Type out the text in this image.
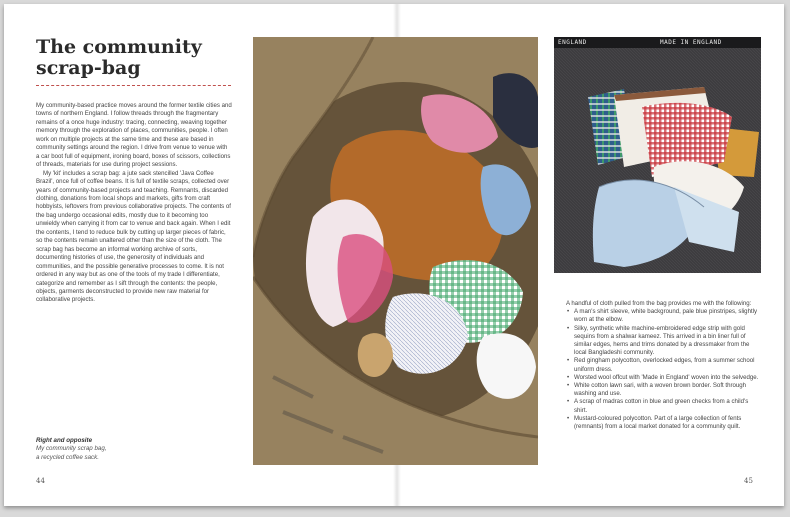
The community
scrap-bag

My community-based practice moves around the former textile cities and towns of northern England. I follow threads through the fragmentary remains of a once huge industry: tracing, connecting, weaving together memory through the exploration of places, communities, people. I often work on multiple projects at the same time and these are based in community settings around the region. I drive from venue to venue with a car boot full of equipment, ironing board, boxes of scissors, collections of threads, materials for use during project sessions.

My 'kit' includes a scrap bag: a jute sack stencilled 'Java Coffee Brazil', once full of coffee beans. It is full of textile scraps, collected over years of community-based projects and teaching. Remnants, discarded clothing, donations from local shops and markets, gifts from craft hobbyists, leftovers from previous collaborative projects. The contents of the bag undergo occasional edits, mostly due to it becoming too unwieldy when carrying it from car to venue and back again. When I edit the contents, I tend to reduce bulk by cutting up larger pieces of fabric, so the contents remain unaltered other than the size of the cloth. The scrap bag has become an informal working archive of sorts, documenting histories of use, the generosity of individuals and communities, and the possible generative processes to come. It is not ordered in any way but as one of the tools of my trade I differentiate, categorize and remember as I sift through the contents: the people, objects, garments deconstructed to provide new raw material for collaborative projects.

Right and opposite
My community scrap bag,
a recycled coffee sack.
44
ENGLAND	MADE IN ENGLAND

A handful of cloth pulled from the bag provides me with the following:

• A man's shirt sleeve, white background, pale blue pinstripes, slightly worn at the elbow.
• Silky, synthetic white machine-embroidered edge strip with gold sequins from a shalwar kameez. This arrived in a bin liner full of similar edges, hems and trims donated by a dressmaker from the local Bangladeshi community.
• Red gingham polycotton, overlocked edges, from a summer school uniform dress.
• Worsted wool offcut with 'Made in England' woven into the selvedge.
• White cotton lawn sari, with a woven brown border. Soft through washing and use.
• A scrap of madras cotton in blue and green checks from a child's shirt.
• Mustard-coloured polycotton. Part of a large collection of fents (remnants) from a local market donated for a community quilt.
45
